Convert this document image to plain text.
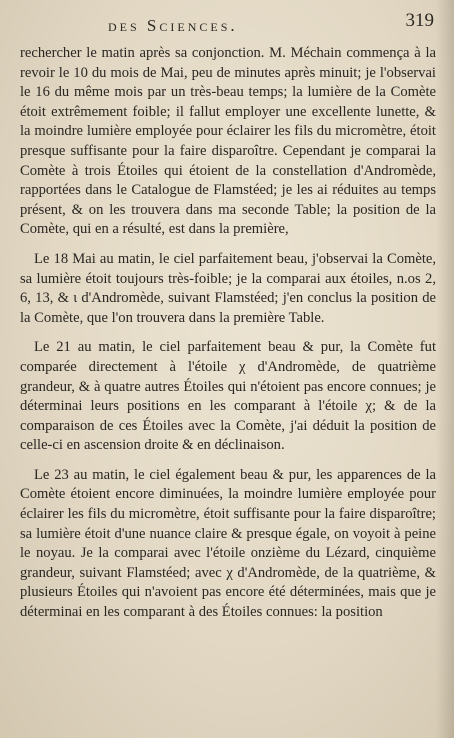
des Sciences.	319

rechercher le matin après sa conjonction. M. Méchain commença à la revoir le 10 du mois de Mai, peu de minutes après minuit; je l'observai le 16 du même mois par un très-beau temps; la lumière de la Comète étoit extrêmement foible; il fallut employer une excellente lunette, & la moindre lumière employée pour éclairer les fils du micromètre, étoit presque suffisante pour la faire disparoître. Cependant je comparai la Comète à trois Étoiles qui étoient de la constellation d'Andromède, rapportées dans le Catalogue de Flamstéed; je les ai réduites au temps présent, & on les trouvera dans ma seconde Table; la position de la Comète, qui en a résulté, est dans la première,

Le 18 Mai au matin, le ciel parfaitement beau, j'observai la Comète, sa lumière étoit toujours très-foible; je la comparai aux étoiles, n.os 2, 6, 13, & ι d'Andromède, suivant Flamstéed; j'en conclus la position de la Comète, que l'on trouvera dans la première Table.

Le 21 au matin, le ciel parfaitement beau & pur, la Comète fut comparée directement à l'étoile χ d'Andromède, de quatrième grandeur, & à quatre autres Étoiles qui n'étoient pas encore connues; je déterminai leurs positions en les comparant à l'étoile χ; & de la comparaison de ces Étoiles avec la Comète, j'ai déduit la position de celle-ci en ascension droite & en déclinaison.

Le 23 au matin, le ciel également beau & pur, les apparences de la Comète étoient encore diminuées, la moindre lumière employée pour éclairer les fils du micromètre, étoit suffisante pour la faire disparoître; sa lumière étoit d'une nuance claire & presque égale, on voyoit à peine le noyau. Je la comparai avec l'étoile onzième du Lézard, cinquième grandeur, suivant Flamstéed; avec χ d'Andromède, de la quatrième, & plusieurs Étoiles qui n'avoient pas encore été déterminées, mais que je déterminai en les comparant à des Étoiles connues: la position
